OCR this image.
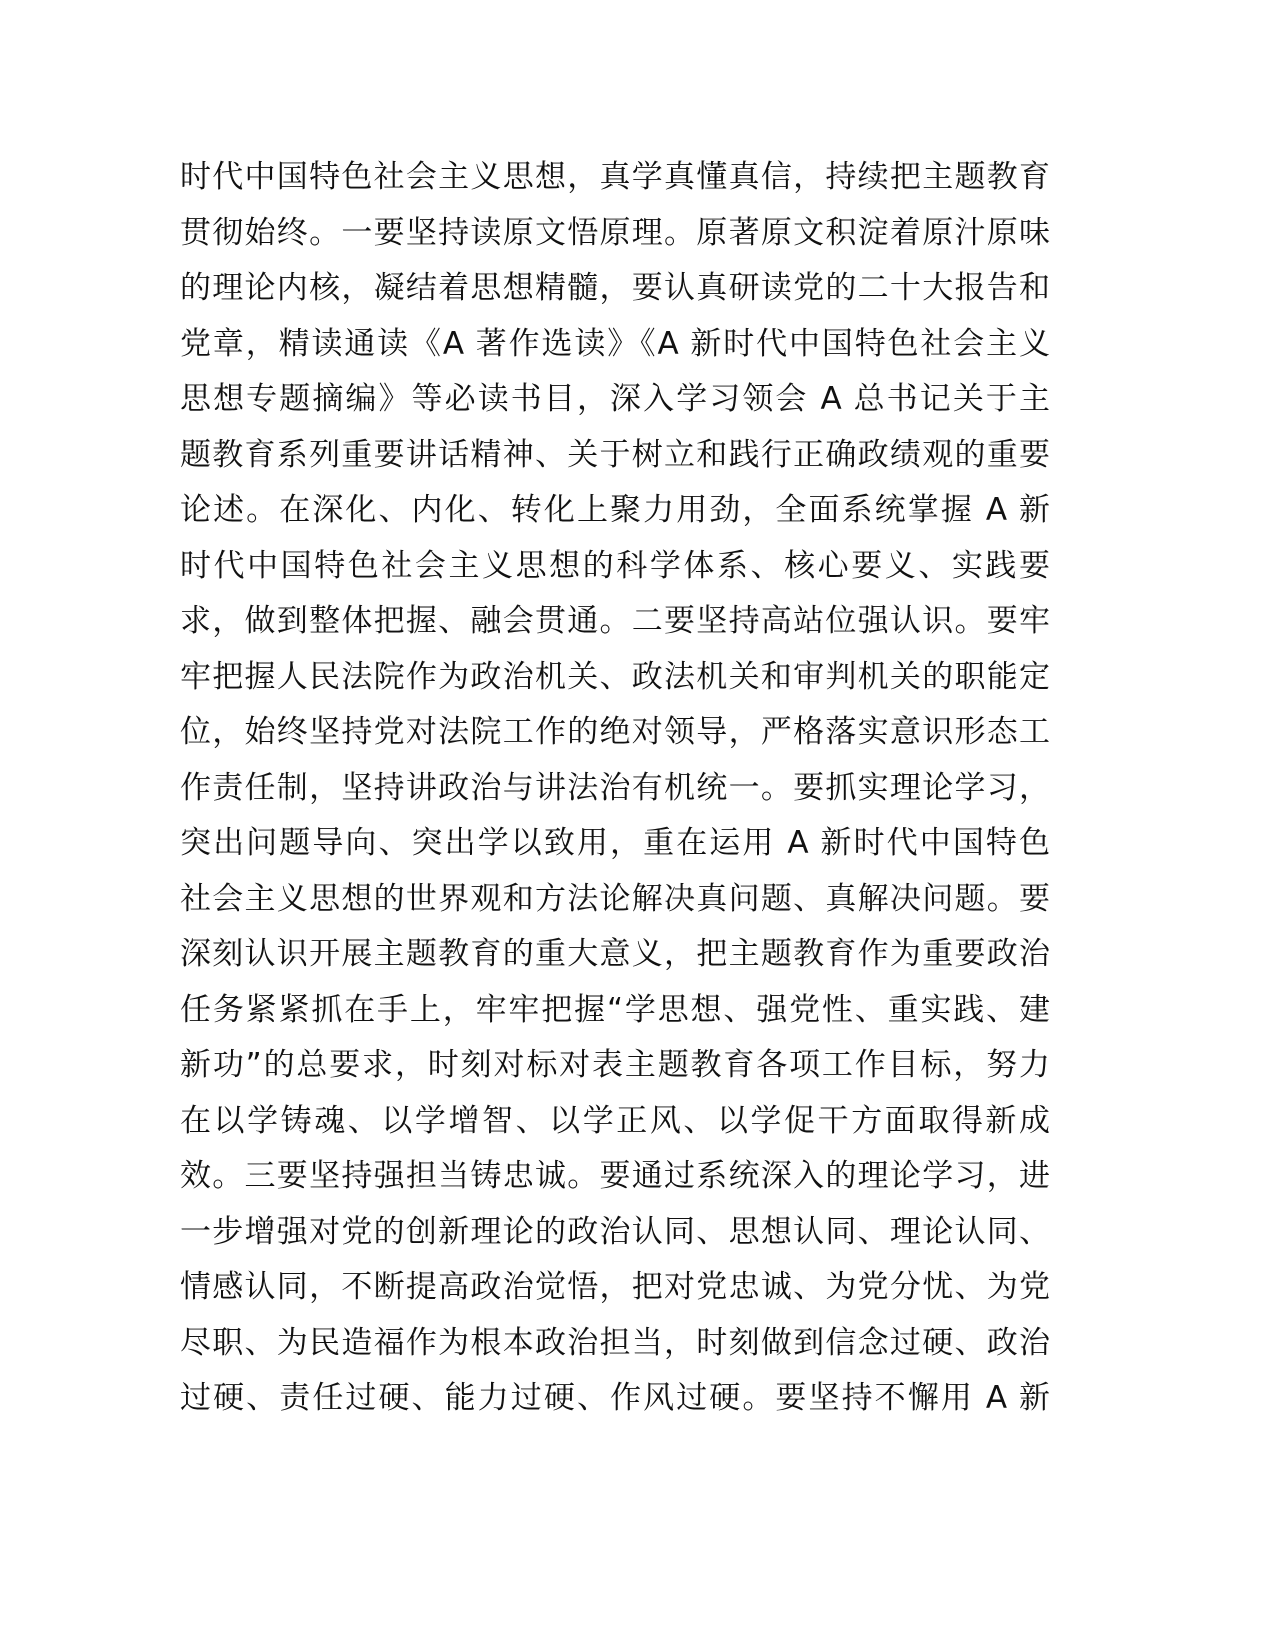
时代中国特色社会主义思想，真学真懂真信，持续把主题教育
贯彻始终。一要坚持读原文悟原理。原著原文积淀着原汁原味
的理论内核，凝结着思想精髓，要认真研读党的二十大报告和
党章，精读通读《A 著作选读》《A 新时代中国特色社会主义
思想专题摘编》等必读书目，深入学习领会 A 总书记关于主
题教育系列重要讲话精神、关于树立和践行正确政绩观的重要
论述。在深化、内化、转化上聚力用劲，全面系统掌握 A 新
时代中国特色社会主义思想的科学体系、核心要义、实践要
求，做到整体把握、融会贯通。二要坚持高站位强认识。要牢
牢把握人民法院作为政治机关、政法机关和审判机关的职能定
位，始终坚持党对法院工作的绝对领导，严格落实意识形态工
作责任制，坚持讲政治与讲法治有机统一。要抓实理论学习，
突出问题导向、突出学以致用，重在运用 A 新时代中国特色
社会主义思想的世界观和方法论解决真问题、真解决问题。要
深刻认识开展主题教育的重大意义，把主题教育作为重要政治
任务紧紧抓在手上，牢牢把握“学思想、强党性、重实践、建
新功”的总要求，时刻对标对表主题教育各项工作目标，努力
在以学铸魂、以学增智、以学正风、以学促干方面取得新成
效。三要坚持强担当铸忠诚。要通过系统深入的理论学习，进
一步增强对党的创新理论的政治认同、思想认同、理论认同、
情感认同，不断提高政治觉悟，把对党忠诚、为党分忧、为党
尽职、为民造福作为根本政治担当，时刻做到信念过硬、政治
过硬、责任过硬、能力过硬、作风过硬。要坚持不懈用 A 新
